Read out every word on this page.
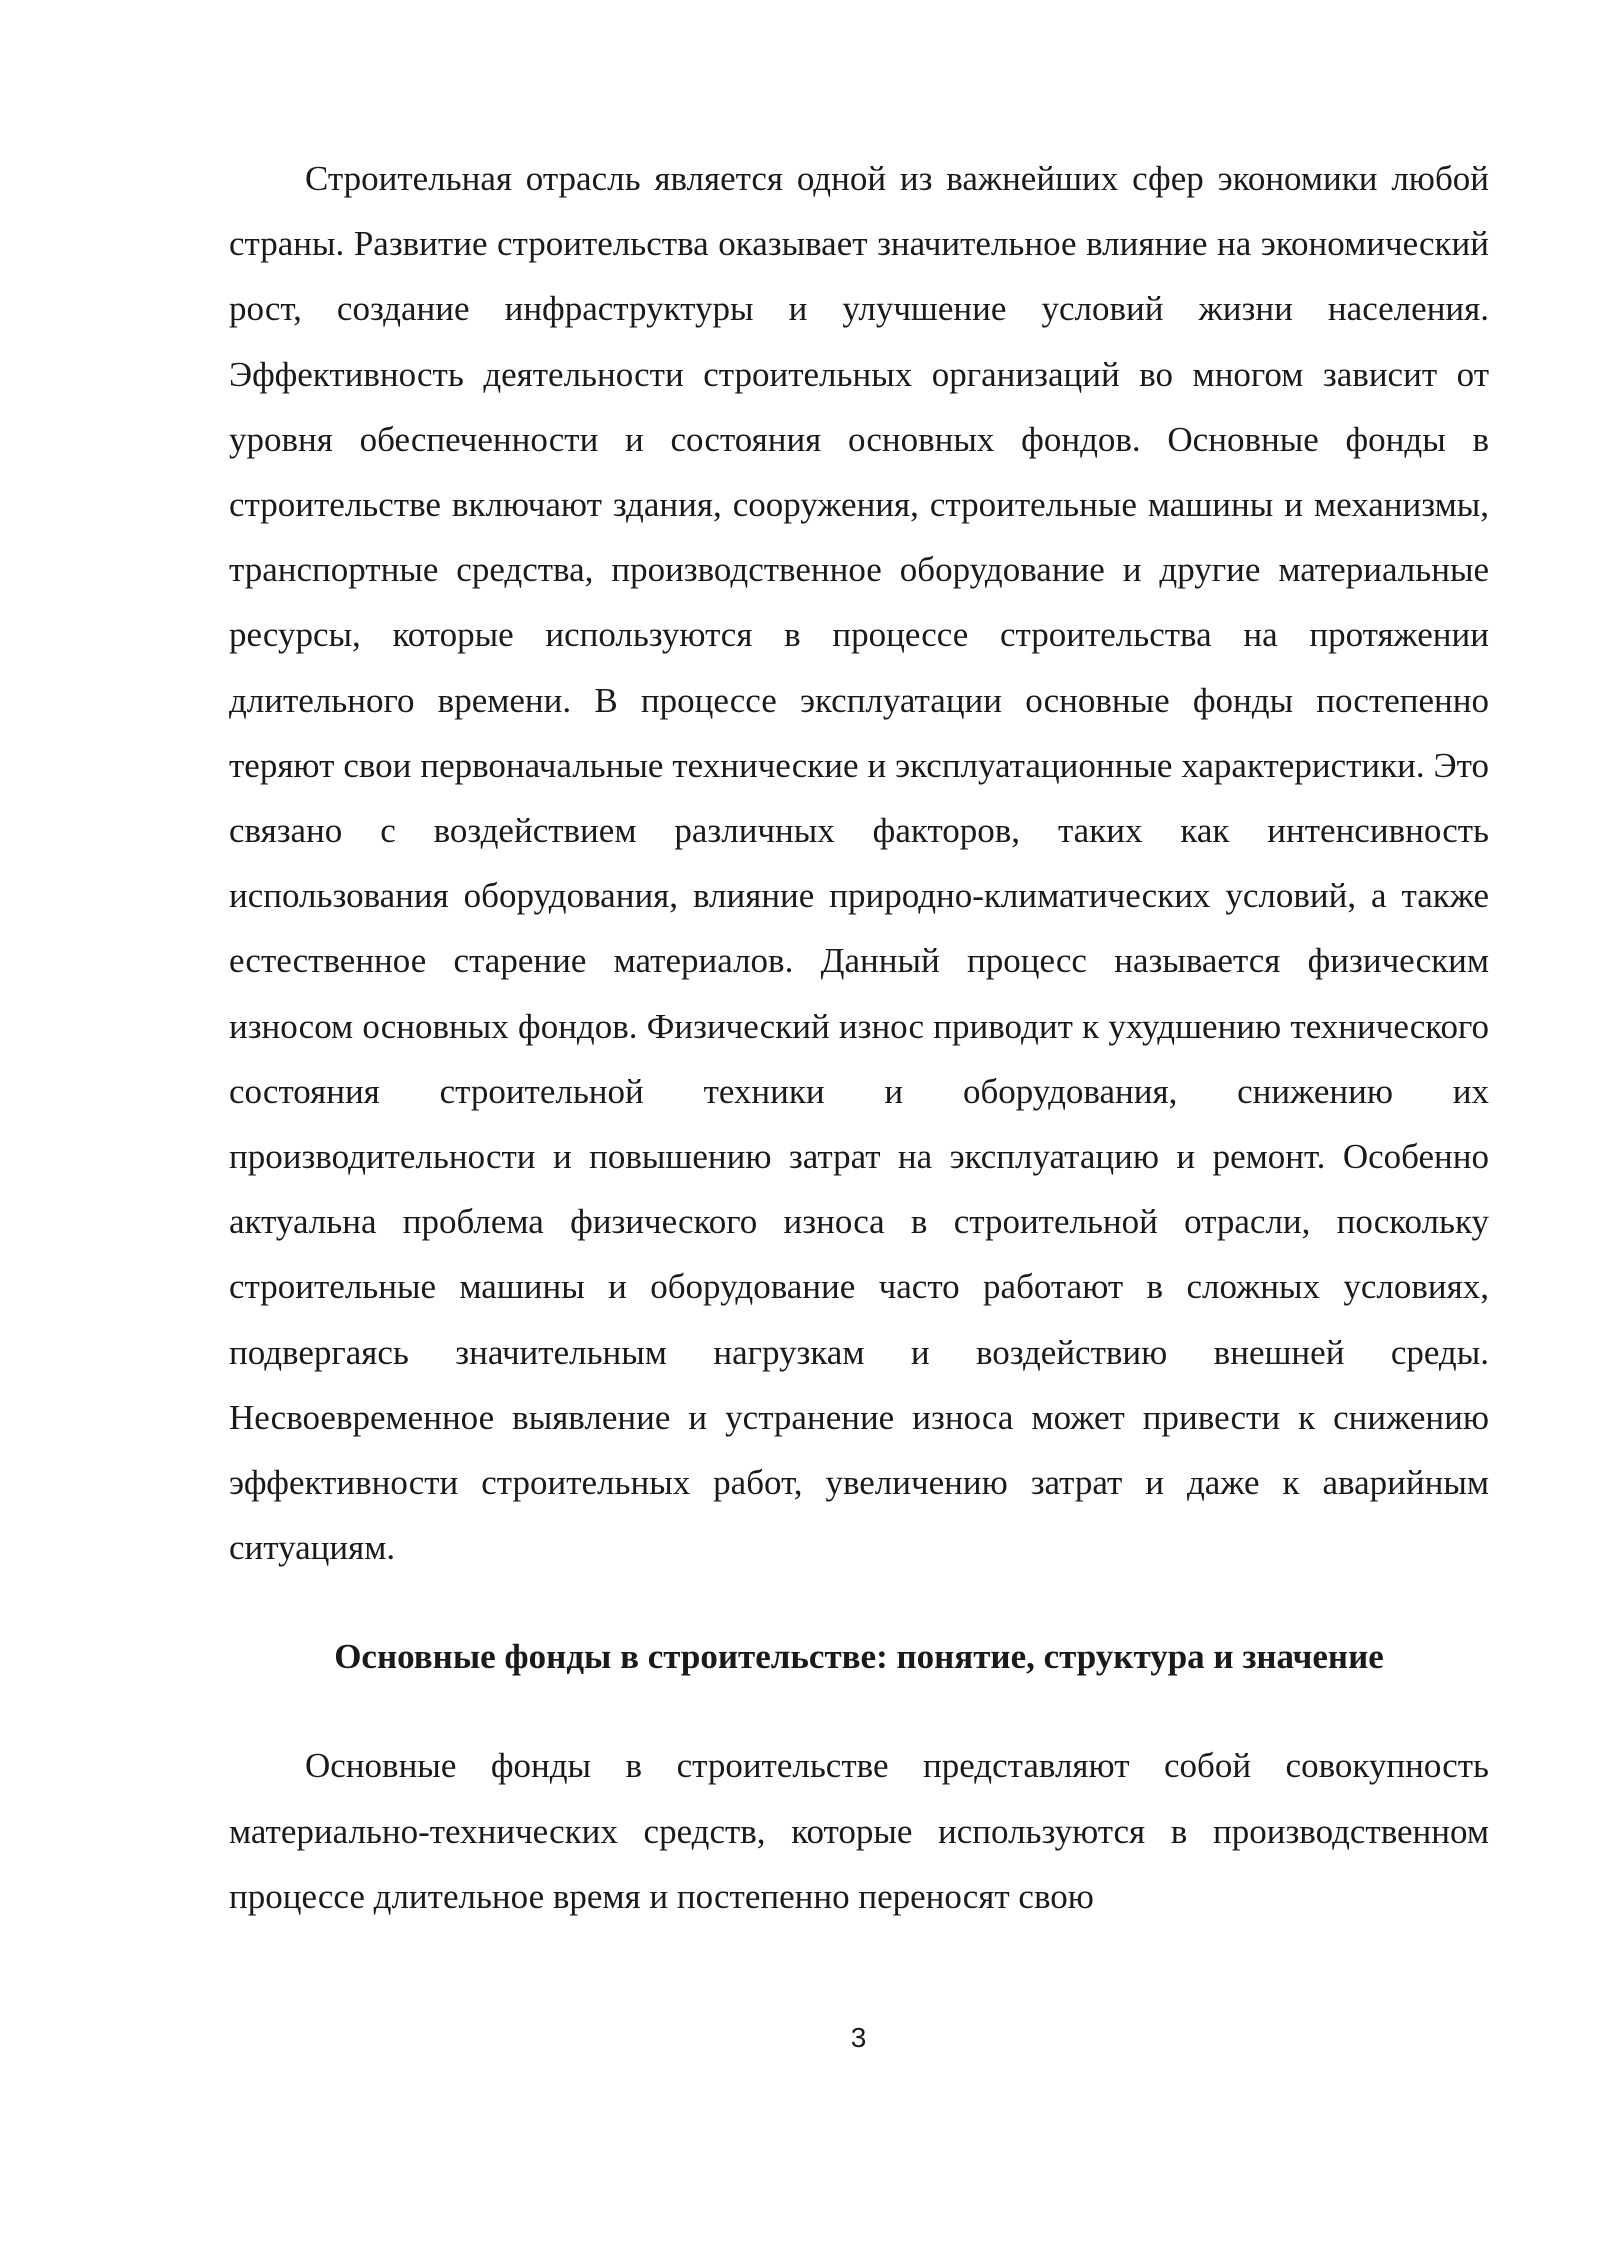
Строительная отрасль является одной из важнейших сфер экономики любой страны. Развитие строительства оказывает значительное влияние на экономический рост, создание инфраструктуры и улучшение условий жизни населения. Эффективность деятельности строительных организаций во многом зависит от уровня обеспеченности и состояния основных фондов. Основные фонды в строительстве включают здания, сооружения, строительные машины и механизмы, транспортные средства, производственное оборудование и другие материальные ресурсы, которые используются в процессе строительства на протяжении длительного времени. В процессе эксплуатации основные фонды постепенно теряют свои первоначальные технические и эксплуатационные характеристики. Это связано с воздействием различных факторов, таких как интенсивность использования оборудования, влияние природно-климатических условий, а также естественное старение материалов. Данный процесс называется физическим износом основных фондов. Физический износ приводит к ухудшению технического состояния строительной техники и оборудования, снижению их производительности и повышению затрат на эксплуатацию и ремонт. Особенно актуальна проблема физического износа в строительной отрасли, поскольку строительные машины и оборудование часто работают в сложных условиях, подвергаясь значительным нагрузкам и воздействию внешней среды. Несвоевременное выявление и устранение износа может привести к снижению эффективности строительных работ, увеличению затрат и даже к аварийным ситуациям.

Основные фонды в строительстве: понятие, структура и значение

Основные фонды в строительстве представляют собой совокупность материально-технических средств, которые используются в производственном процессе длительное время и постепенно переносят свою

3
